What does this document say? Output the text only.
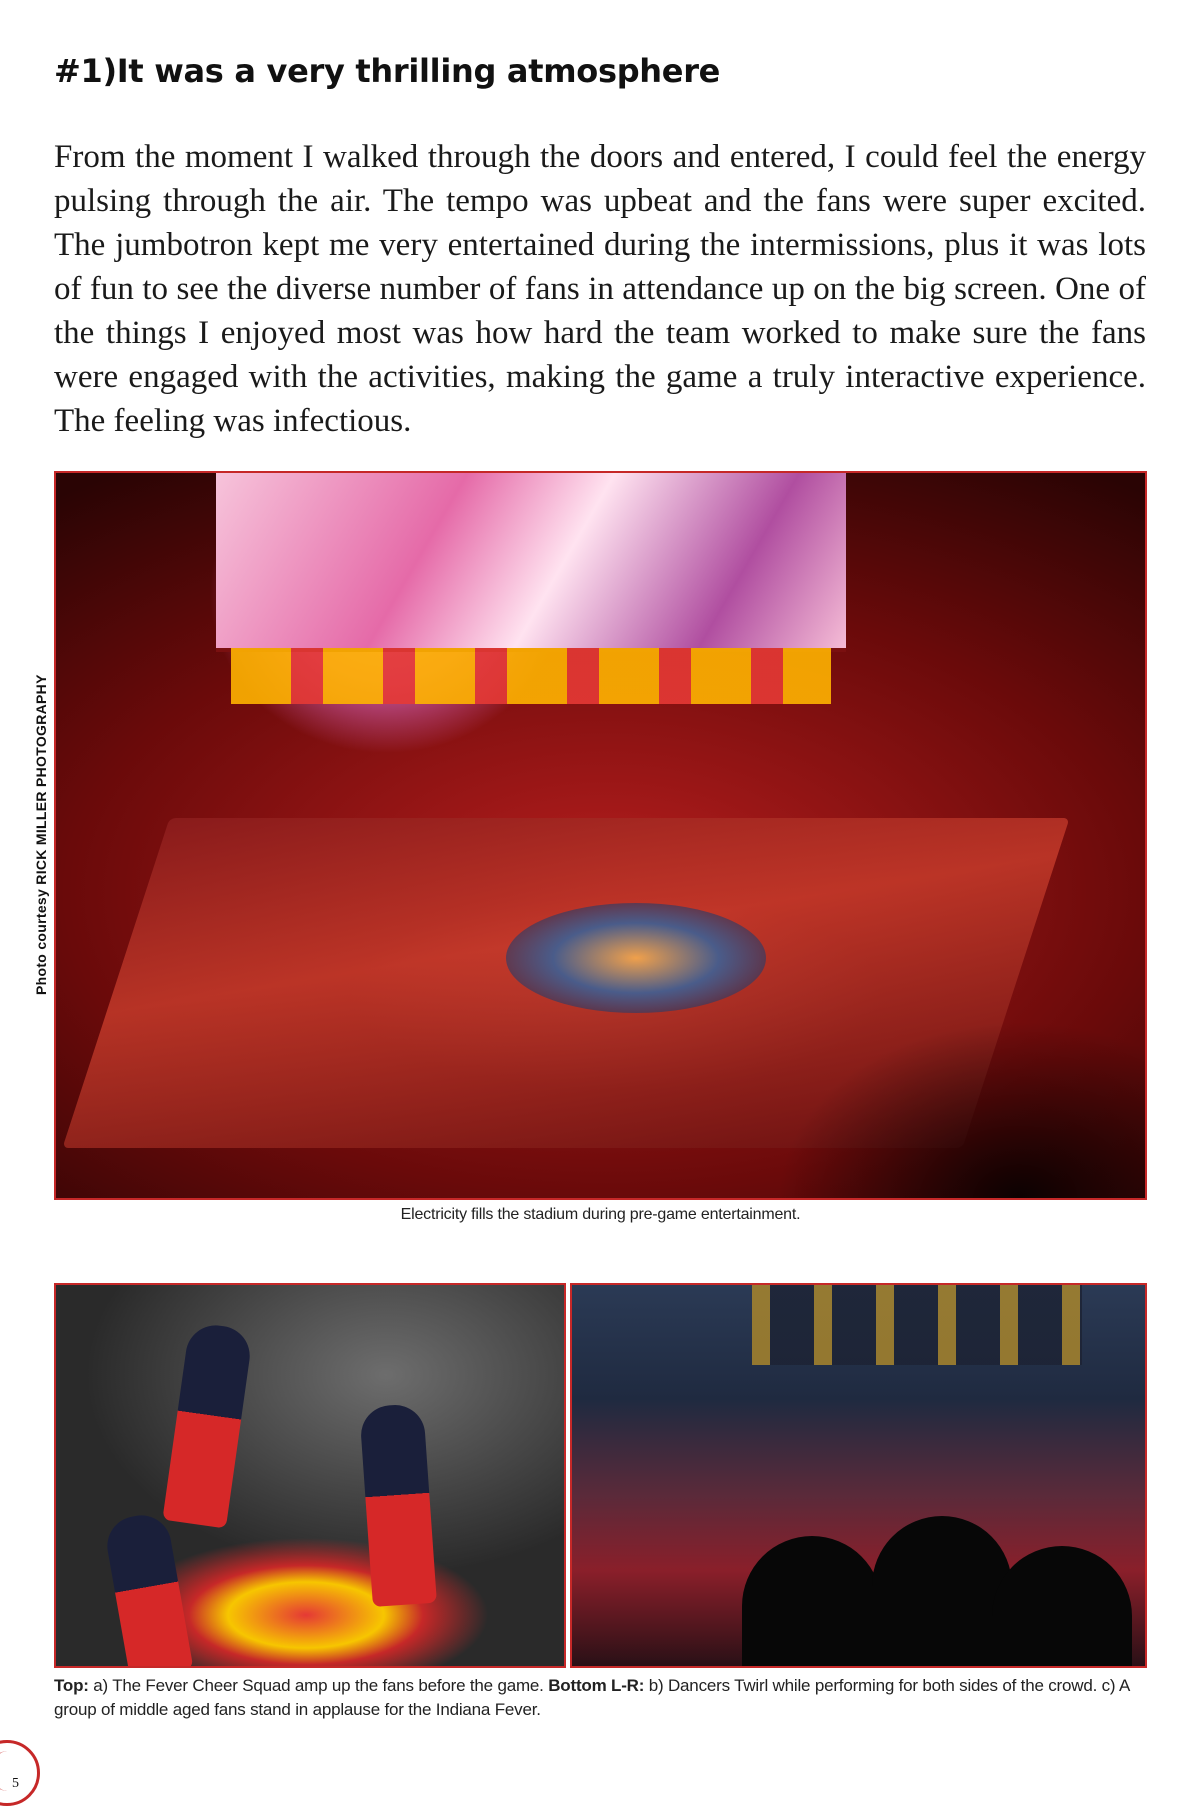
#1)It was a very thrilling atmosphere

From the moment I walked through the doors and entered, I could feel the energy pulsing through the air. The tempo was upbeat and the fans were super excited. The jumbotron kept me very entertained during the intermissions, plus it was lots of fun to see the diverse number of fans in attendance up on the big screen. One of the things I enjoyed most was how hard the team worked to make sure the fans were engaged with the activities, making the game a truly interactive experience. The feeling was infectious.

Photo courtesy RICK MILLER PHOTOGRAPHY
Electricity fills the stadium during pre-game entertainment.

Top: a) The Fever Cheer Squad amp up the fans before the game. Bottom L-R: b) Dancers Twirl while performing for both sides of the crowd. c) A group of middle aged fans stand in applause for the Indiana Fever.

5
